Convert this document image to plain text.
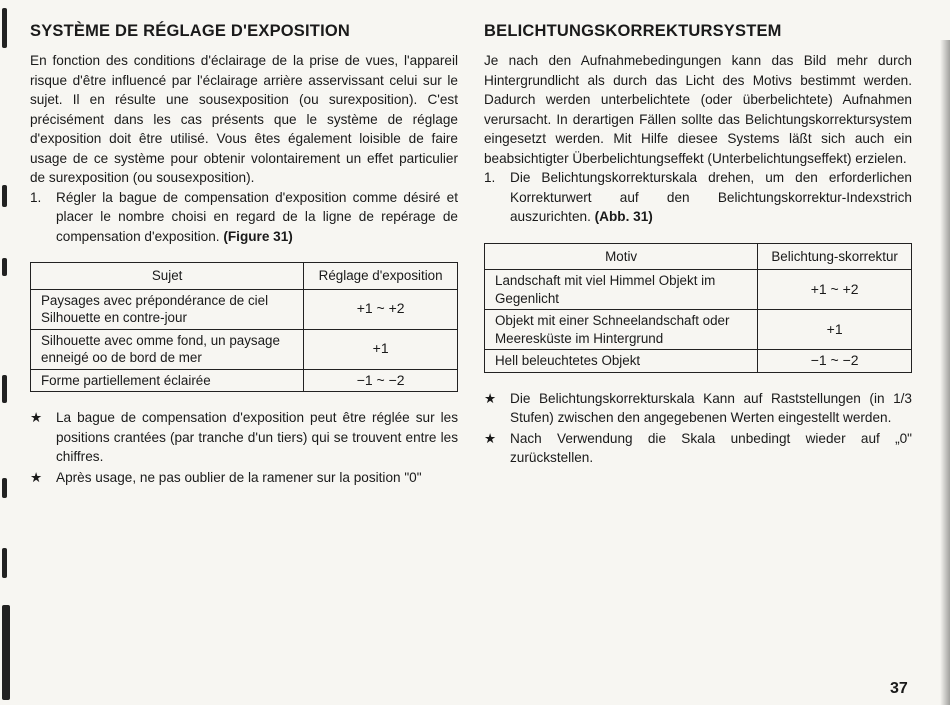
SYSTÈME DE RÉGLAGE D'EXPOSITION

En fonction des conditions d'éclairage de la prise de vues, l'appareil risque d'être influencé par l'éclairage arrière asservissant celui sur le sujet. Il en résulte une sousexposition (ou surexposition). C'est précisément dans les cas présents que le système de réglage d'exposition doit être utilisé. Vous êtes également loisible de faire usage de ce système pour obtenir volontairement un effet particulier de surexposition (ou sousexposition).

1.	Régler la bague de compensation d'exposition comme désiré et placer le nombre choisi en regard de la ligne de repérage de compensation d'exposition. (Figure 31)
Sujet	Réglage d'exposition
Paysages avec prépondérance de ciel Silhouette en contre-jour	+1 ~ +2
Silhouette avec omme fond, un paysage enneigé oo de bord de mer	+1
Forme partiellement éclairée	−1 ~ −2
★	La bague de compensation d'exposition peut être réglée sur les positions crantées (par tranche d'un tiers) qui se trouvent entre les chiffres.
★	Après usage, ne pas oublier de la ramener sur la position "0"
BELICHTUNGSKORREKTURSYSTEM

Je nach den Aufnahmebedingungen kann das Bild mehr durch Hintergrundlicht als durch das Licht des Motivs bestimmt werden. Dadurch werden unterbelichtete (oder überbelichtete) Aufnahmen verursacht. In derartigen Fällen sollte das Belichtungskorrektursystem eingesetzt werden. Mit Hilfe diesee Systems läßt sich auch ein beabsichtigter Überbelichtungseffekt (Unterbelichtungseffekt) erzielen.

1.	Die Belichtungskorrekturskala drehen, um den erforderlichen Korrekturwert auf den Belichtungskorrektur-Indexstrich auszurichten. (Abb. 31)
Motiv	Belichtung-skorrektur
Landschaft mit viel Himmel Objekt im Gegenlicht	+1 ~ +2
Objekt mit einer Schneelandschaft oder Meeresküste im Hintergrund	+1
Hell beleuchtetes Objekt	−1 ~ −2
★	Die Belichtungskorrekturskala Kann auf Raststellungen (in 1/3 Stufen) zwischen den angegebenen Werten eingestellt werden.
★	Nach Verwendung die Skala unbedingt wieder auf „0" zurückstellen.
37
